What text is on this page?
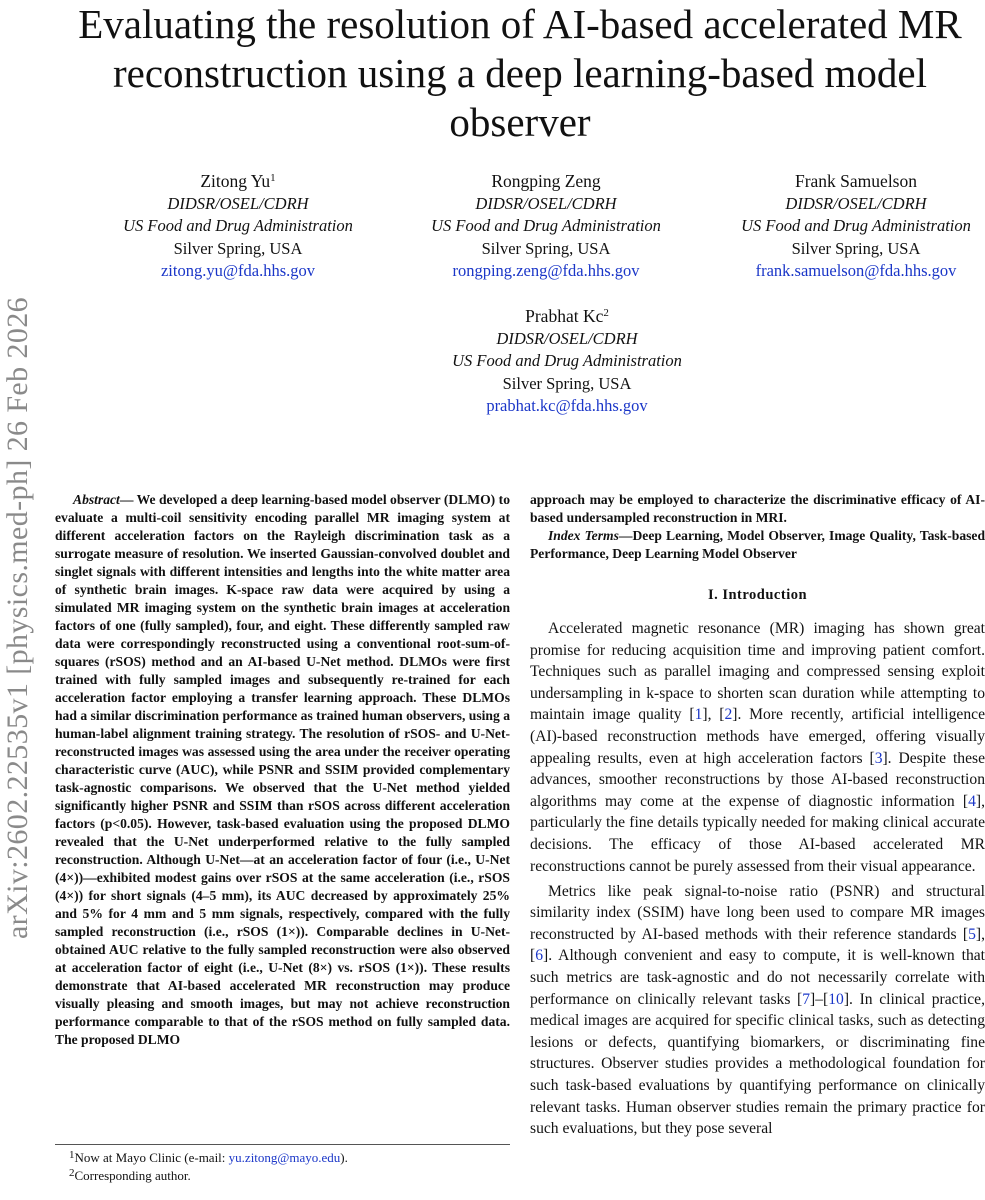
arXiv:2602.22535v1 [physics.med-ph] 26 Feb 2026
Evaluating the resolution of AI-based accelerated MR reconstruction using a deep learning-based model observer
Zitong Yu$^1$
DIDSR/OSEL/CDRH
US Food and Drug Administration
Silver Spring, USA
zitong.yu@fda.hhs.gov
Rongping Zeng
DIDSR/OSEL/CDRH
US Food and Drug Administration
Silver Spring, USA
rongping.zeng@fda.hhs.gov
Frank Samuelson
DIDSR/OSEL/CDRH
US Food and Drug Administration
Silver Spring, USA
frank.samuelson@fda.hhs.gov
Prabhat Kc$^2$
DIDSR/OSEL/CDRH
US Food and Drug Administration
Silver Spring, USA
prabhat.kc@fda.hhs.gov

Abstract— We developed a deep learning-based model observer (DLMO) to evaluate a multi-coil sensitivity encoding parallel MR imaging system at different acceleration factors on the Rayleigh discrimination task as a surrogate measure of resolution. We inserted Gaussian-convolved doublet and singlet signals with different intensities and lengths into the white matter area of synthetic brain images. K-space raw data were acquired by using a simulated MR imaging system on the synthetic brain images at acceleration factors of one (fully sampled), four, and eight. These differently sampled raw data were correspondingly reconstructed using a conventional root-sum-of-squares (rSOS) method and an AI-based U-Net method. DLMOs were first trained with fully sampled images and subsequently re-trained for each acceleration factor employing a transfer learning approach. These DLMOs had a similar discrimination performance as trained human observers, using a human-label alignment training strategy. The resolution of rSOS- and U-Net-reconstructed images was assessed using the area under the receiver operating characteristic curve (AUC), while PSNR and SSIM provided complementary task-agnostic comparisons. We observed that the U-Net method yielded significantly higher PSNR and SSIM than rSOS across different acceleration factors (p<0.05). However, task-based evaluation using the proposed DLMO revealed that the U-Net underperformed relative to the fully sampled reconstruction. Although U-Net—at an acceleration factor of four (i.e., U-Net (4×))—exhibited modest gains over rSOS at the same acceleration (i.e., rSOS (4×)) for short signals (4–5 mm), its AUC decreased by approximately 25% and 5% for 4 mm and 5 mm signals, respectively, compared with the fully sampled reconstruction (i.e., rSOS (1×)). Comparable declines in U-Net-obtained AUC relative to the fully sampled reconstruction were also observed at acceleration factor of eight (i.e., U-Net (8×) vs. rSOS (1×)). These results demonstrate that AI-based accelerated MR reconstruction may produce visually pleasing and smooth images, but may not achieve reconstruction performance comparable to that of the rSOS method on fully sampled data. The proposed DLMO

$^1$Now at Mayo Clinic (e-mail: yu.zitong@mayo.edu).
$^2$Corresponding author.

approach may be employed to characterize the discriminative efficacy of AI-based undersampled reconstruction in MRI.

Index Terms—Deep Learning, Model Observer, Image Quality, Task-based Performance, Deep Learning Model Observer

I. Introduction

Accelerated magnetic resonance (MR) imaging has shown great promise for reducing acquisition time and improving patient comfort. Techniques such as parallel imaging and compressed sensing exploit undersampling in k-space to shorten scan duration while attempting to maintain image quality [1], [2]. More recently, artificial intelligence (AI)-based reconstruction methods have emerged, offering visually appealing results, even at high acceleration factors [3]. Despite these advances, smoother reconstructions by those AI-based reconstruction algorithms may come at the expense of diagnostic information [4], particularly the fine details typically needed for making clinical accurate decisions. The efficacy of those AI-based accelerated MR reconstructions cannot be purely assessed from their visual appearance.

Metrics like peak signal-to-noise ratio (PSNR) and structural similarity index (SSIM) have long been used to compare MR images reconstructed by AI-based methods with their reference standards [5], [6]. Although convenient and easy to compute, it is well-known that such metrics are task-agnostic and do not necessarily correlate with performance on clinically relevant tasks [7]–[10]. In clinical practice, medical images are acquired for specific clinical tasks, such as detecting lesions or defects, quantifying biomarkers, or discriminating fine structures. Observer studies provides a methodological foundation for such task-based evaluations by quantifying performance on clinically relevant tasks. Human observer studies remain the primary practice for such evaluations, but they pose several
